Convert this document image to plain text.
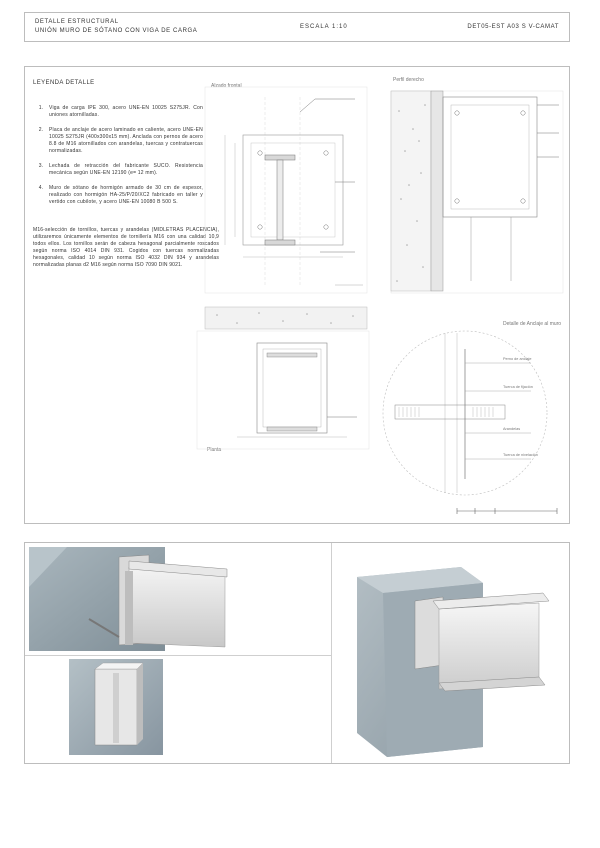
DETALLE ESTRUCTURAL
UNIÓN MURO DE SÓTANO CON VIGA DE CARGA
ESCALA 1:10	DET05-EST A03 S V-CAMAT
LEYENDA DETALLE
1.	Viga de carga IPE 300, acero UNE-EN 10025 S275JR. Con uniones atornilladas.
2.	Placa de anclaje de acero laminado en caliente, acero UNE-EN 10025 S275JR (400x300x15 mm). Anclada con pernos de acero 8.8 de M16 atornillados con arandelas, tuercas y contratuercas normalizadas.
3.	Lechada de retracción del fabricante SUCO. Resistencia mecánica según UNE-EN 12190 (e= 12 mm).
4.	Muro de sótano de hormigón armado de 30 cm de espesor, realizado con hormigón HA-25/P/20/XC2 fabricado en taller y vertido con cubilote, y acero UNE-EN 10080 B 500 S.
M16-selección de tornillos, tuercas y arandelas (MIDLETRAS PLACENCIA), utilizaremos únicamente elementos de tornillería M16 con una calidad 10,9 todos ellos. Los tornillos serán de cabeza hexagonal parcialmente roscados según norma ISO 4014 DIN 931. Cogidos con tuercas normalizadas hexagonales, calidad 10 según norma ISO 4032 DIN 934 y arandelas normalizadas planas d2 M16 según norma ISO 7090 DIN 9021.
Alzado frontal
Perfil derecho
Planta
Detalle de Anclaje al muro
Perno de anclaje
Tuerca de fijación
Arandelas
Tuerca de nivelación
